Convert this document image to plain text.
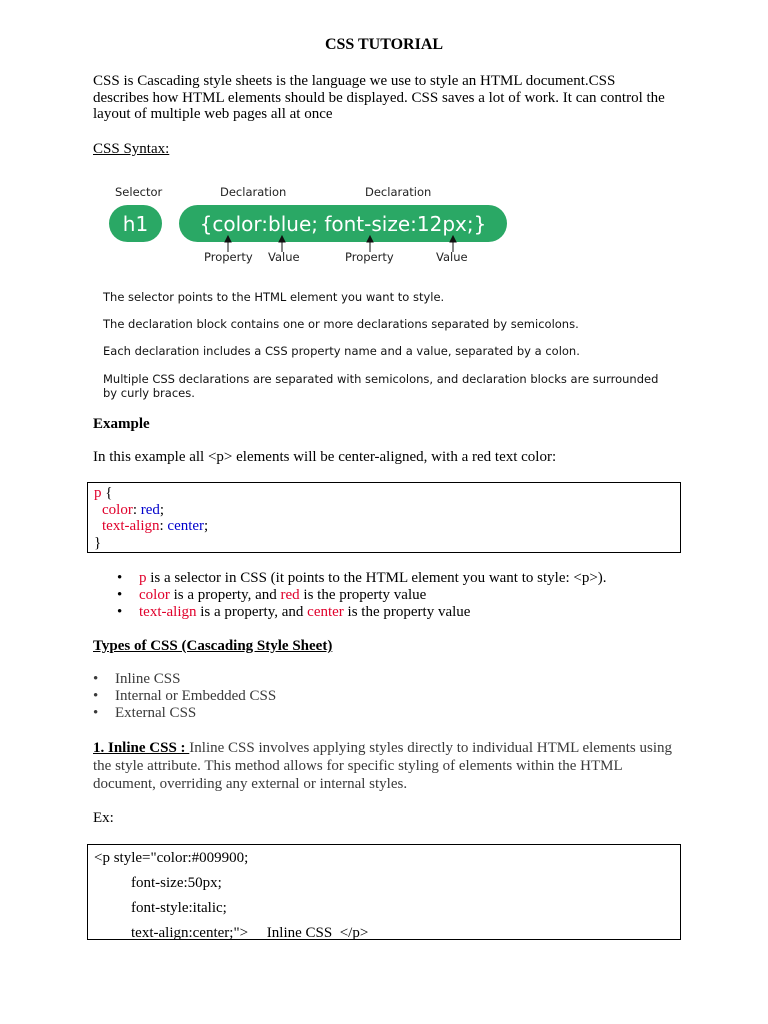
CSS TUTORIAL
CSS is Cascading style sheets is the language we use to style an HTML document.CSS describes how HTML elements should be displayed. CSS saves a lot of work. It can control the layout of multiple web pages all at once
CSS Syntax:
Selector	Declaration	Declaration
h1	{color:blue; font-size:12px;}
Property Value	Property	Value
The selector points to the HTML element you want to style.
The declaration block contains one or more declarations separated by semicolons.
Each declaration includes a CSS property name and a value, separated by a colon.
Multiple CSS declarations are separated with semicolons, and declaration blocks are surrounded by curly braces.
Example
In this example all <p> elements will be center-aligned, with a red text color:
p {
color: red;
text-align: center;
}
• p is a selector in CSS (it points to the HTML element you want to style: <p>).
• color is a property, and red is the property value
• text-align is a property, and center is the property value
Types of CSS (Cascading Style Sheet)
• Inline CSS
• Internal or Embedded CSS
• External CSS
1. Inline CSS : Inline CSS involves applying styles directly to individual HTML elements using the style attribute. This method allows for specific styling of elements within the HTML document, overriding any external or internal styles.
Ex:
<p style="color:#009900;
font-size:50px;
font-style:italic;
text-align:center;">     Inline CSS  </p>
